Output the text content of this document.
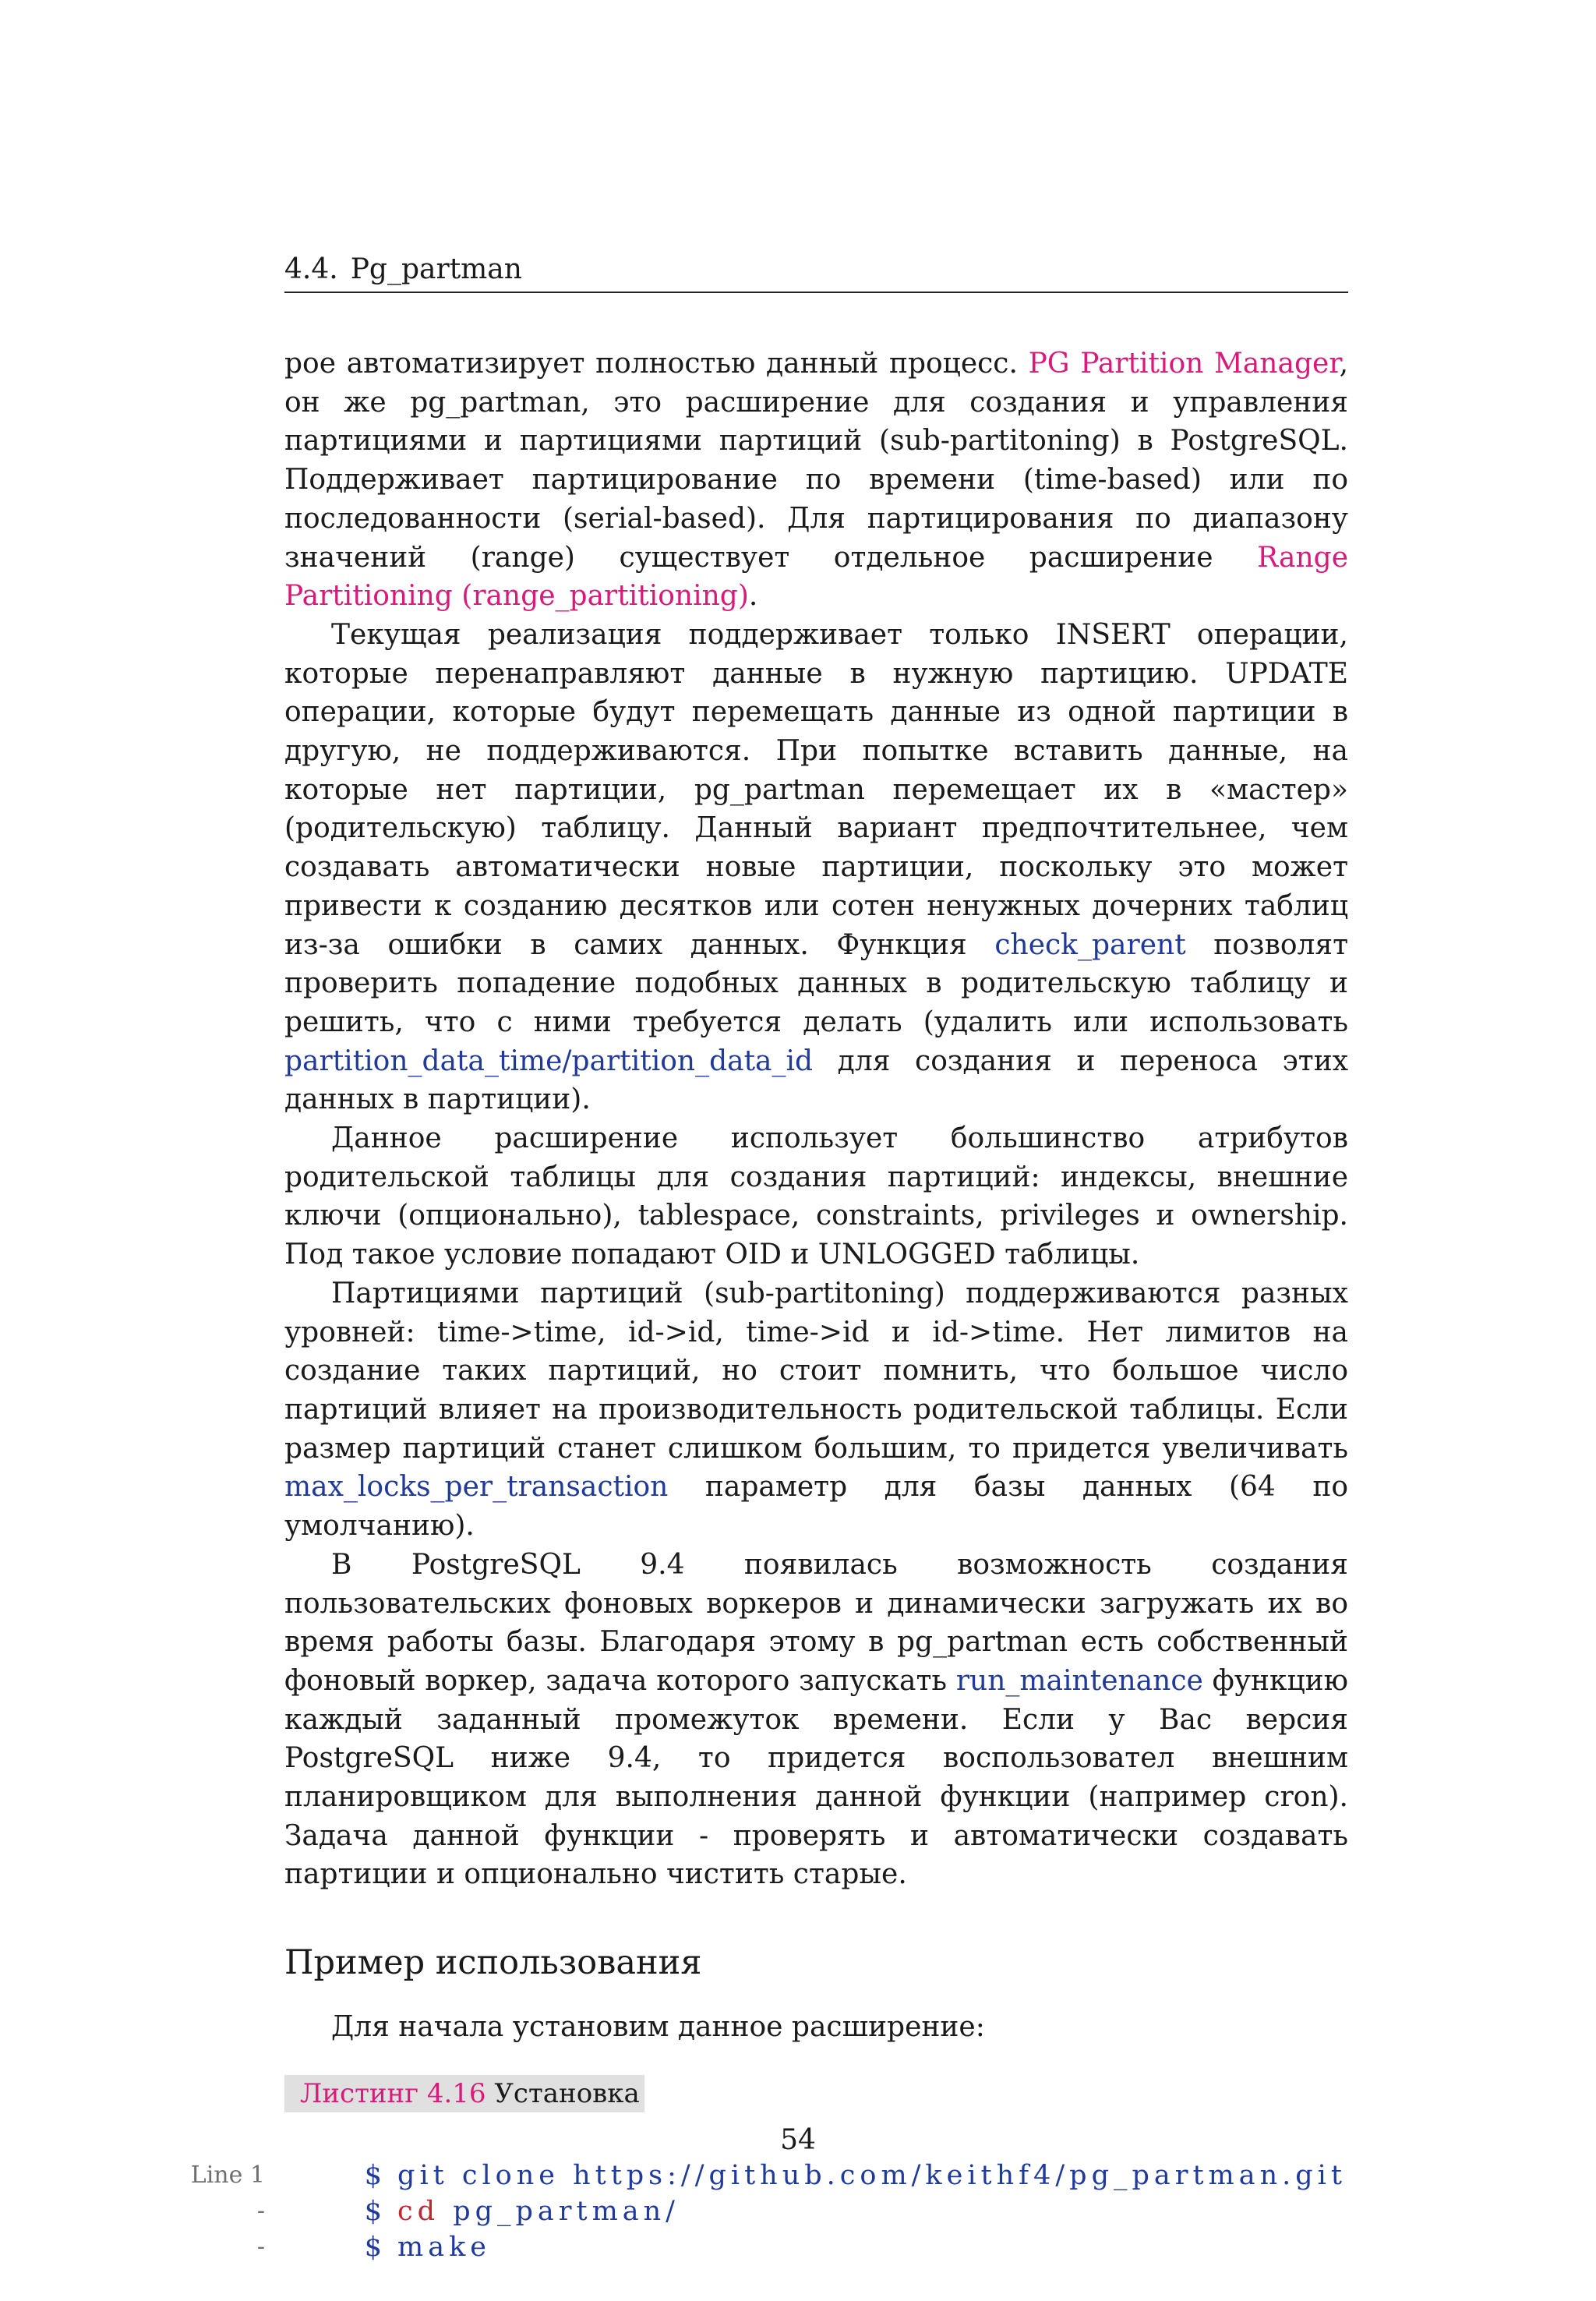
4.4. Pg_partman

рое автоматизирует полностью данный процесс. PG Partition Manager, он же pg_partman, это расширение для создания и управления партициями и партициями партиций (sub-partitoning) в PostgreSQL. Поддерживает партицирование по времени (time-based) или по последованности (serial-based). Для партицирования по диапазону значений (range) существует отдельное расширение Range Partitioning (range_partitioning).

Текущая реализация поддерживает только INSERT операции, которые перенаправляют данные в нужную партицию. UPDATE операции, которые будут перемещать данные из одной партиции в другую, не поддерживаются. При попытке вставить данные, на которые нет партиции, pg_partman перемещает их в «мастер» (родительскую) таблицу. Данный вариант предпочтительнее, чем создавать автоматически новые партиции, поскольку это может привести к созданию десятков или сотен ненужных дочерних таблиц из-за ошибки в самих данных. Функция check_parent позволят проверить попадение подобных данных в родительскую таблицу и решить, что с ними требуется делать (удалить или использовать partition_data_time/partition_data_id для создания и переноса этих данных в партиции).

Данное расширение использует большинство атрибутов родительской таблицы для создания партиций: индексы, внешние ключи (опционально), tablespace, constraints, privileges и ownership. Под такое условие попадают OID и UNLOGGED таблицы.

Партициями партиций (sub-partitoning) поддерживаются разных уровней: time->time, id->id, time->id и id->time. Нет лимитов на создание таких партиций, но стоит помнить, что большое число партиций влияет на производительность родительской таблицы. Если размер партиций станет слишком большим, то придется увеличивать max_locks_per_transaction параметр для базы данных (64 по умолчанию).

В PostgreSQL 9.4 появилась возможность создания пользовательских фоновых воркеров и динамически загружать их во время работы базы. Благодаря этому в pg_partman есть собственный фоновый воркер, задача которого запускать run_maintenance функцию каждый заданный промежуток времени. Если у Вас версия PostgreSQL ниже 9.4, то придется воспользовател внешним планировщиком для выполнения данной функции (например cron). Задача данной функции - проверять и автоматически создавать партиции и опционально чистить старые.

Пример использования

Для начала установим данное расширение:

Листинг 4.16 Установка

Line 1	$ git clone https://github.com/keithf4/pg_partman.git

-	$ cd pg_partman/

-	$ make

54
